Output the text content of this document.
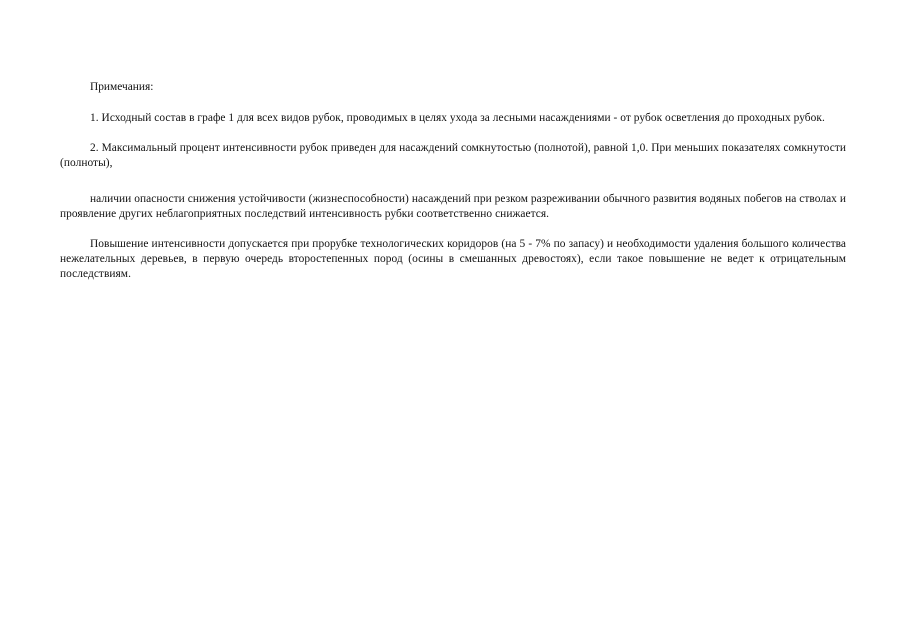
Примечания:

1. Исходный состав в графе 1 для всех видов рубок, проводимых в целях ухода за лесными насаждениями - от рубок осветления до проходных рубок.

2. Максимальный процент интенсивности рубок приведен для насаждений сомкнутостью (полнотой), равной 1,0. При меньших показателях сомкнутости (полноты),

наличии опасности снижения устойчивости (жизнеспособности) насаждений при резком разреживании обычного развития водяных побегов на стволах и проявление других неблагоприятных последствий интенсивность рубки соответственно снижается.

Повышение интенсивности допускается при прорубке технологических коридоров (на 5 - 7% по запасу) и необходимости удаления большого количества нежелательных деревьев, в первую очередь второстепенных пород (осины в смешанных древостоях), если такое повышение не ведет к отрицательным последствиям.
